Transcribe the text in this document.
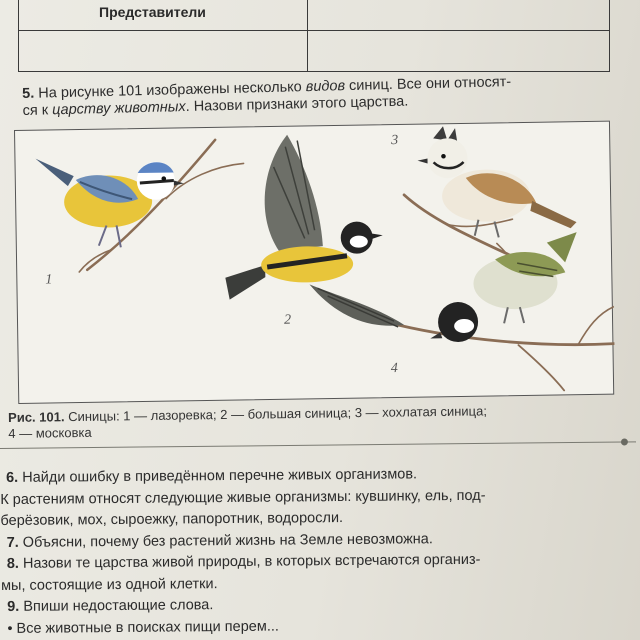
Представители
5. На рисунке 101 изображены несколько видов синиц. Все они относят-
ся к царству животных. Назови признаки этого царства.
1
2
3
4
Рис. 101. Синицы: 1 — лазоревка; 2 — большая синица; 3 — хохлатая синица;
4 — московка

6. Найди ошибку в приведённом перечне живых организмов.

К растениям относят следующие живые организмы: кувшинку, ель, под-

берёзовик, мох, сыроежку, папоротник, водоросли.

7. Объясни, почему без растений жизнь на Земле невозможна.

8. Назови те царства живой природы, в которых встречаются организ-

мы, состоящие из одной клетки.

9. Впиши недостающие слова.

• Все животные в поисках пищи перем...
